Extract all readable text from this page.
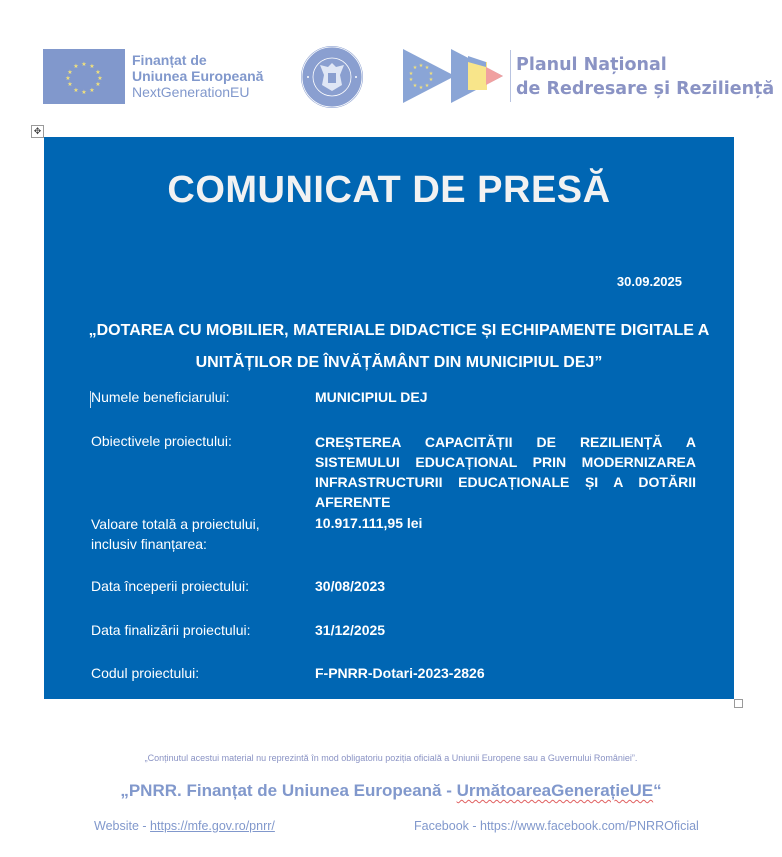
★ ★
★
★
★
★
★
★
★
★
★
★	Finanțat de
Uniunea Europeană
NextGenerationEU
★ ★
★
★
★
★
★
★
★
★	Planul Național
de Redresare și Reziliență
✥
COMUNICAT DE PRESĂ
30.09.2025
„DOTAREA CU MOBILIER, MATERIALE DIDACTICE ȘI ECHIPAMENTE DIGITALE A
UNITĂȚILOR DE ÎNVĂȚĂMÂNT DIN MUNICIPIUL DEJ”
Numele beneficiarului:	MUNICIPIUL DEJ
Obiectivele proiectului:	CREȘTEREA CAPACITĂȚII DE REZILIENȚĂ A SISTEMULUI EDUCAȚIONAL PRIN MODERNIZAREA INFRASTRUCTURII EDUCAȚIONALE ȘI A DOTĂRII AFERENTE
Valoare totală a proiectului, inclusiv finanțarea:
10.917.111,95 lei
Data începerii proiectului:	30/08/2023
Data finalizării proiectului:	31/12/2025
Codul proiectului:	F-PNRR-Dotari-2023-2826
„Conținutul acestui material nu reprezintă în mod obligatoriu poziția oficială a Uniunii Europene sau a Guvernului României”.
„PNRR. Finanțat de Uniunea Europeană - UrmătoareaGenerațieUE“
Website - https://mfe.gov.ro/pnrr/	Facebook - https://www.facebook.com/PNRROficial
